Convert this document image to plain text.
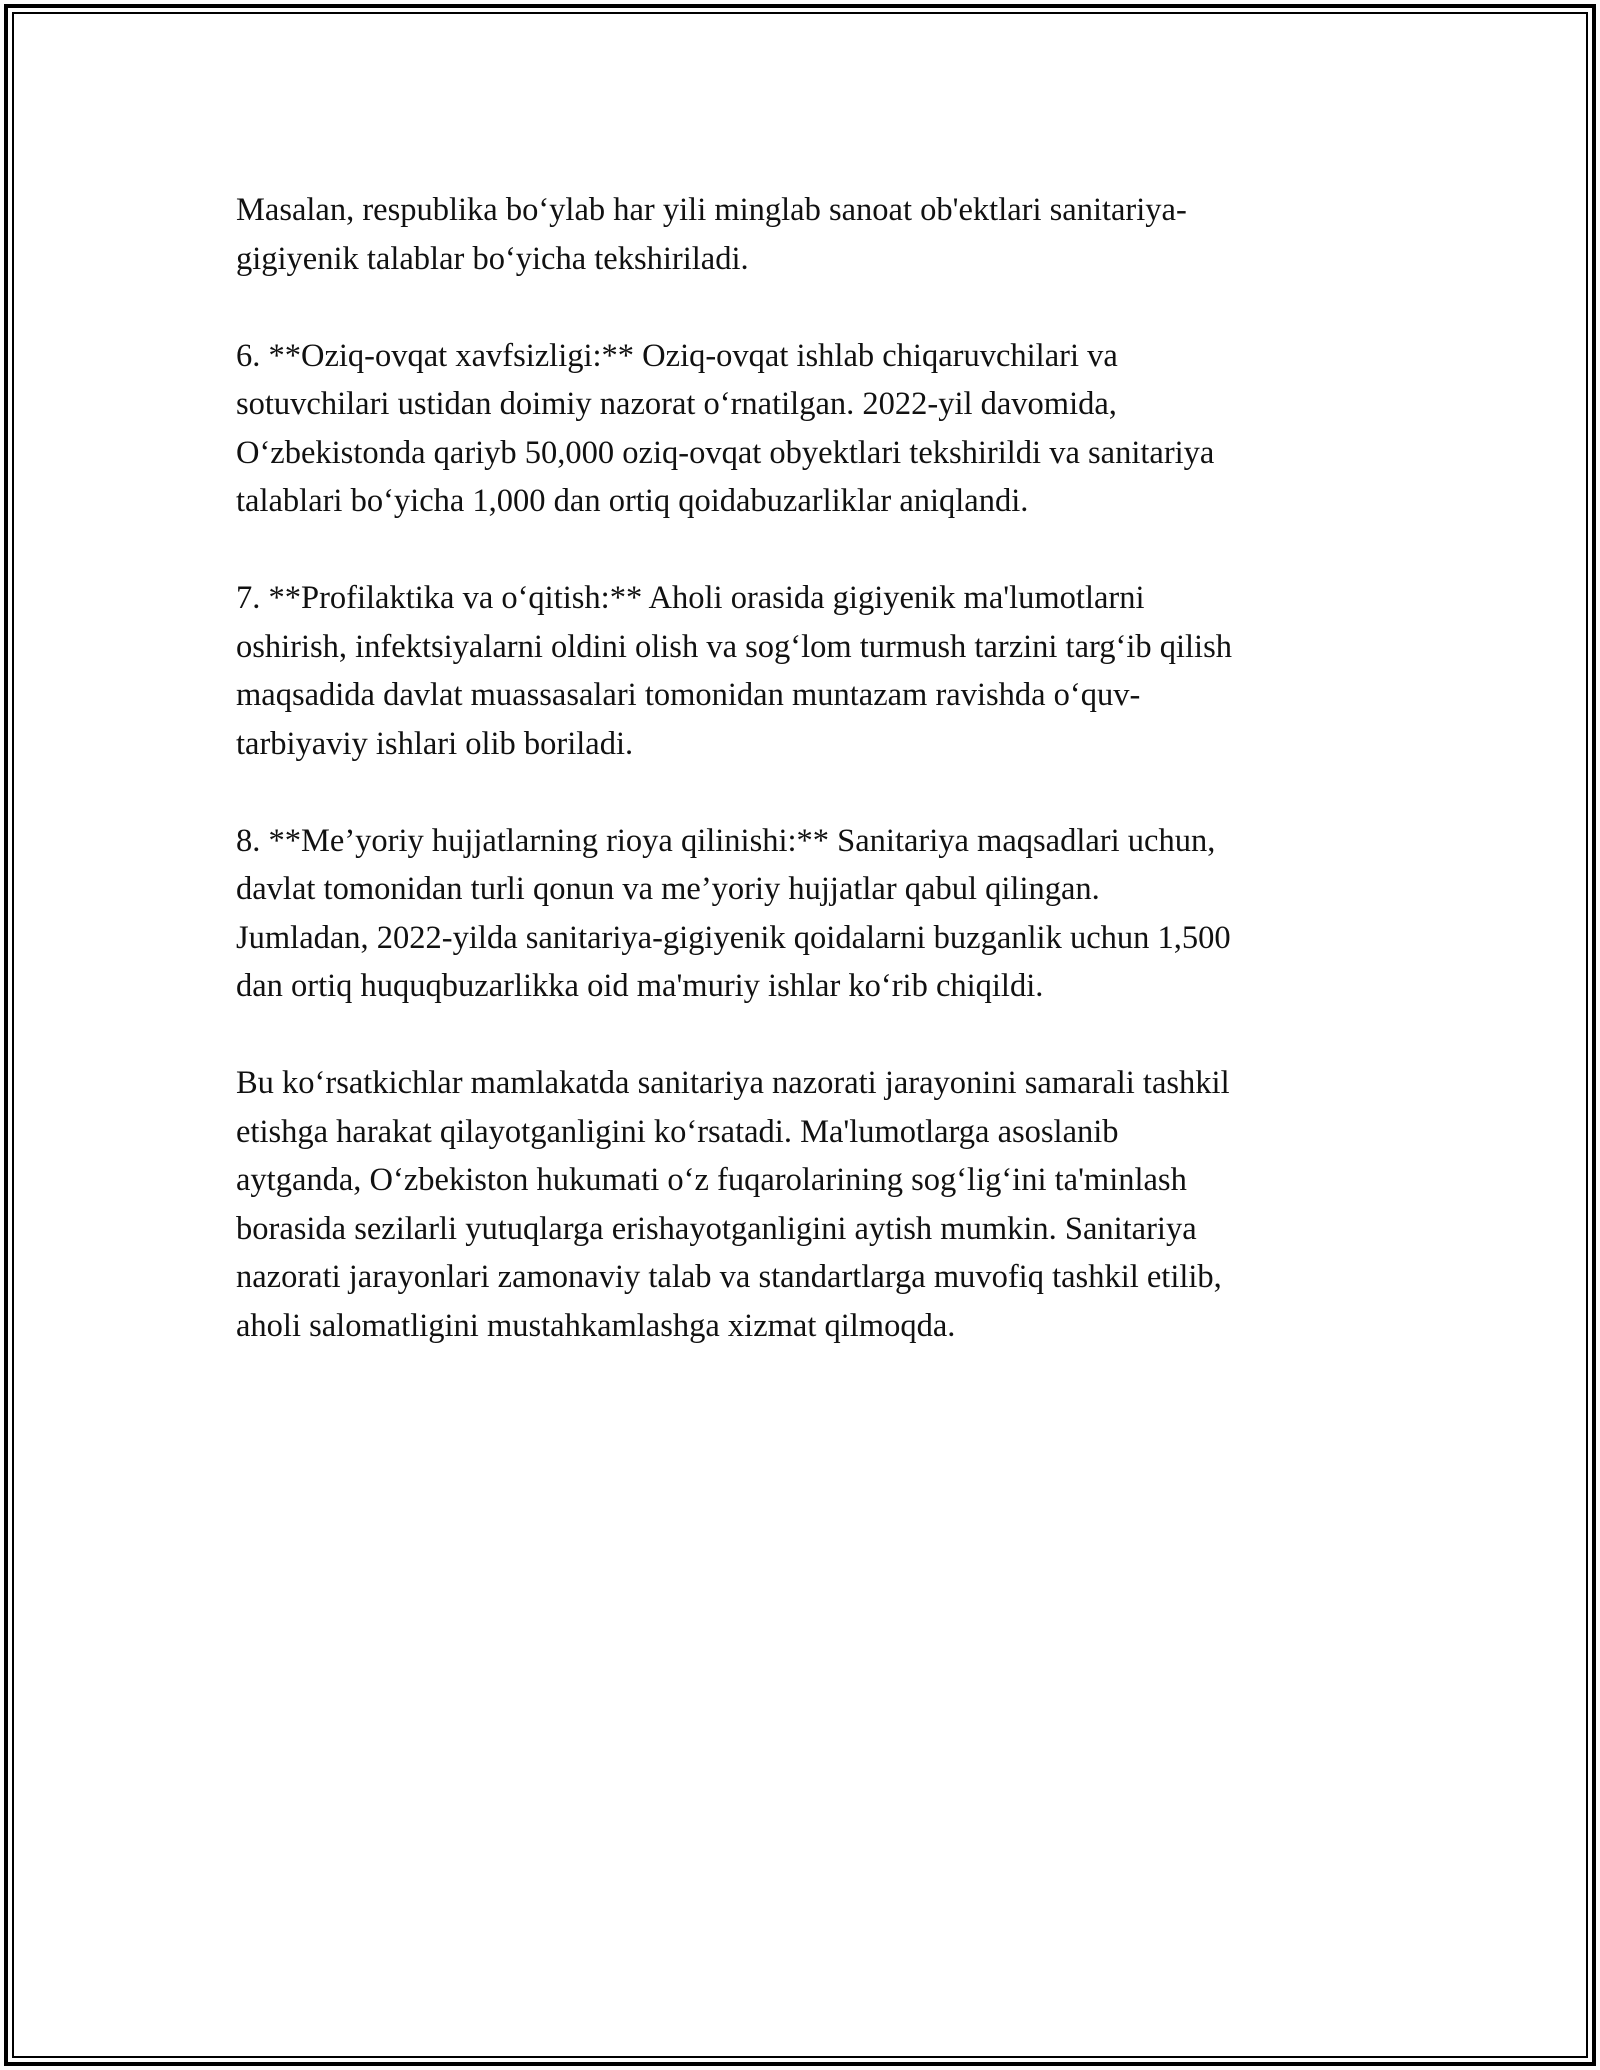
Masalan, respublika bo‘ylab har yili minglab sanoat ob'ektlari sanitariya-
gigiyenik talablar bo‘yicha tekshiriladi.

6. **Oziq-ovqat xavfsizligi:** Oziq-ovqat ishlab chiqaruvchilari va
sotuvchilari ustidan doimiy nazorat o‘rnatilgan. 2022-yil davomida,
O‘zbekistonda qariyb 50,000 oziq-ovqat obyektlari tekshirildi va sanitariya
talablari bo‘yicha 1,000 dan ortiq qoidabuzarliklar aniqlandi.

7. **Profilaktika va o‘qitish:** Aholi orasida gigiyenik ma'lumotlarni
oshirish, infektsiyalarni oldini olish va sog‘lom turmush tarzini targ‘ib qilish
maqsadida davlat muassasalari tomonidan muntazam ravishda o‘quv-
tarbiyaviy ishlari olib boriladi.

8. **Me’yoriy hujjatlarning rioya qilinishi:** Sanitariya maqsadlari uchun,
davlat tomonidan turli qonun va me’yoriy hujjatlar qabul qilingan.
Jumladan, 2022-yilda sanitariya-gigiyenik qoidalarni buzganlik uchun 1,500
dan ortiq huquqbuzarlikka oid ma'muriy ishlar ko‘rib chiqildi.

Bu ko‘rsatkichlar mamlakatda sanitariya nazorati jarayonini samarali tashkil
etishga harakat qilayotganligini ko‘rsatadi. Ma'lumotlarga asoslanib
aytganda, O‘zbekiston hukumati o‘z fuqarolarining sog‘lig‘ini ta'minlash
borasida sezilarli yutuqlarga erishayotganligini aytish mumkin. Sanitariya
nazorati jarayonlari zamonaviy talab va standartlarga muvofiq tashkil etilib,
aholi salomatligini mustahkamlashga xizmat qilmoqda.
